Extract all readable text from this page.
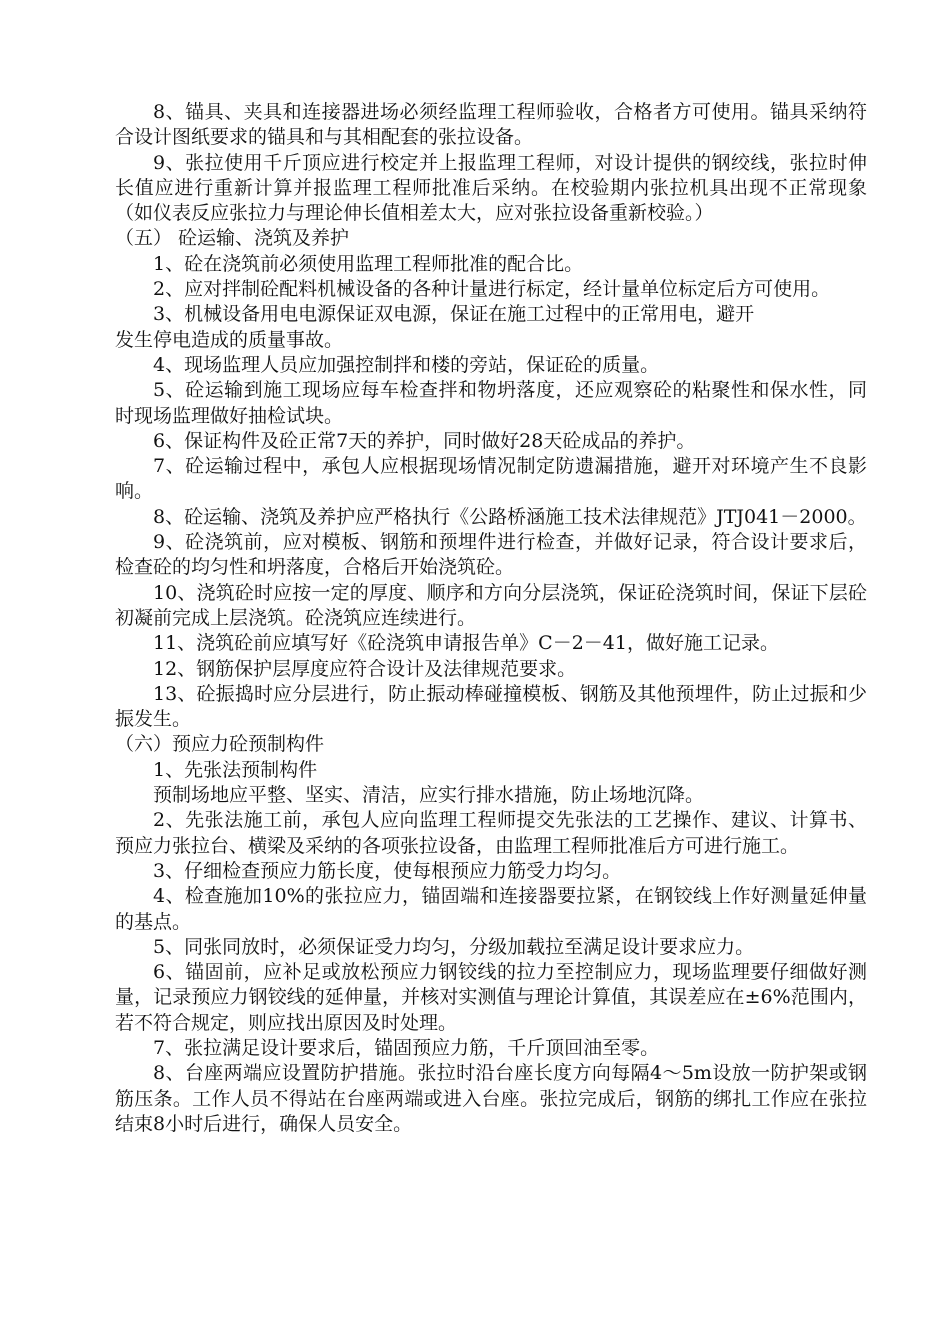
8、锚具、夹具和连接器进场必须经监理工程师验收，合格者方可使用。锚具采纳符合设计图纸要求的锚具和与其相配套的张拉设备。

9、张拉使用千斤顶应进行校定并上报监理工程师，对设计提供的钢绞线，张拉时伸长值应进行重新计算并报监理工程师批准后采纳。在校验期内张拉机具出现不正常现象（如仪表反应张拉力与理论伸长值相差太大，应对张拉设备重新校验。）

（五） 砼运输、浇筑及养护

1、砼在浇筑前必须使用监理工程师批准的配合比。

2、应对拌制砼配料机械设备的各种计量进行标定，经计量单位标定后方可使用。

3、机械设备用电电源保证双电源，保证在施工过程中的正常用电，避开

发生停电造成的质量事故。

4、现场监理人员应加强控制拌和楼的旁站，保证砼的质量。

5、砼运输到施工现场应每车检查拌和物坍落度，还应观察砼的粘聚性和保水性，同时现场监理做好抽检试块。

6、保证构件及砼正常7天的养护，同时做好28天砼成品的养护。

7、砼运输过程中，承包人应根据现场情况制定防遗漏措施，避开对环境产生不良影响。

8、砼运输、浇筑及养护应严格执行《公路桥涵施工技术法律规范》JTJ041－2000。

9、砼浇筑前，应对模板、钢筋和预埋件进行检查，并做好记录，符合设计要求后，检查砼的均匀性和坍落度，合格后开始浇筑砼。

10、浇筑砼时应按一定的厚度、顺序和方向分层浇筑，保证砼浇筑时间，保证下层砼初凝前完成上层浇筑。砼浇筑应连续进行。

11、浇筑砼前应填写好《砼浇筑申请报告单》C－2－41，做好施工记录。

12、钢筋保护层厚度应符合设计及法律规范要求。

13、砼振捣时应分层进行，防止振动棒碰撞模板、钢筋及其他预埋件，防止过振和少振发生。

（六）预应力砼预制构件

1、先张法预制构件

预制场地应平整、坚实、清洁，应实行排水措施，防止场地沉降。

2、先张法施工前，承包人应向监理工程师提交先张法的工艺操作、建议、计算书、预应力张拉台、横梁及采纳的各项张拉设备，由监理工程师批准后方可进行施工。

3、仔细检查预应力筋长度，使每根预应力筋受力均匀。

4、检查施加10%的张拉应力，锚固端和连接器要拉紧，在钢铰线上作好测量延伸量的基点。

5、同张同放时，必须保证受力均匀，分级加载拉至满足设计要求应力。

6、锚固前，应补足或放松预应力钢铰线的拉力至控制应力，现场监理要仔细做好测量，记录预应力钢铰线的延伸量，并核对实测值与理论计算值，其误差应在±6%范围内，若不符合规定，则应找出原因及时处理。

7、张拉满足设计要求后，锚固预应力筋，千斤顶回油至零。

8、台座两端应设置防护措施。张拉时沿台座长度方向每隔4～5m设放一防护架或钢筋压条。工作人员不得站在台座两端或进入台座。张拉完成后，钢筋的绑扎工作应在张拉结束8小时后进行，确保人员安全。
